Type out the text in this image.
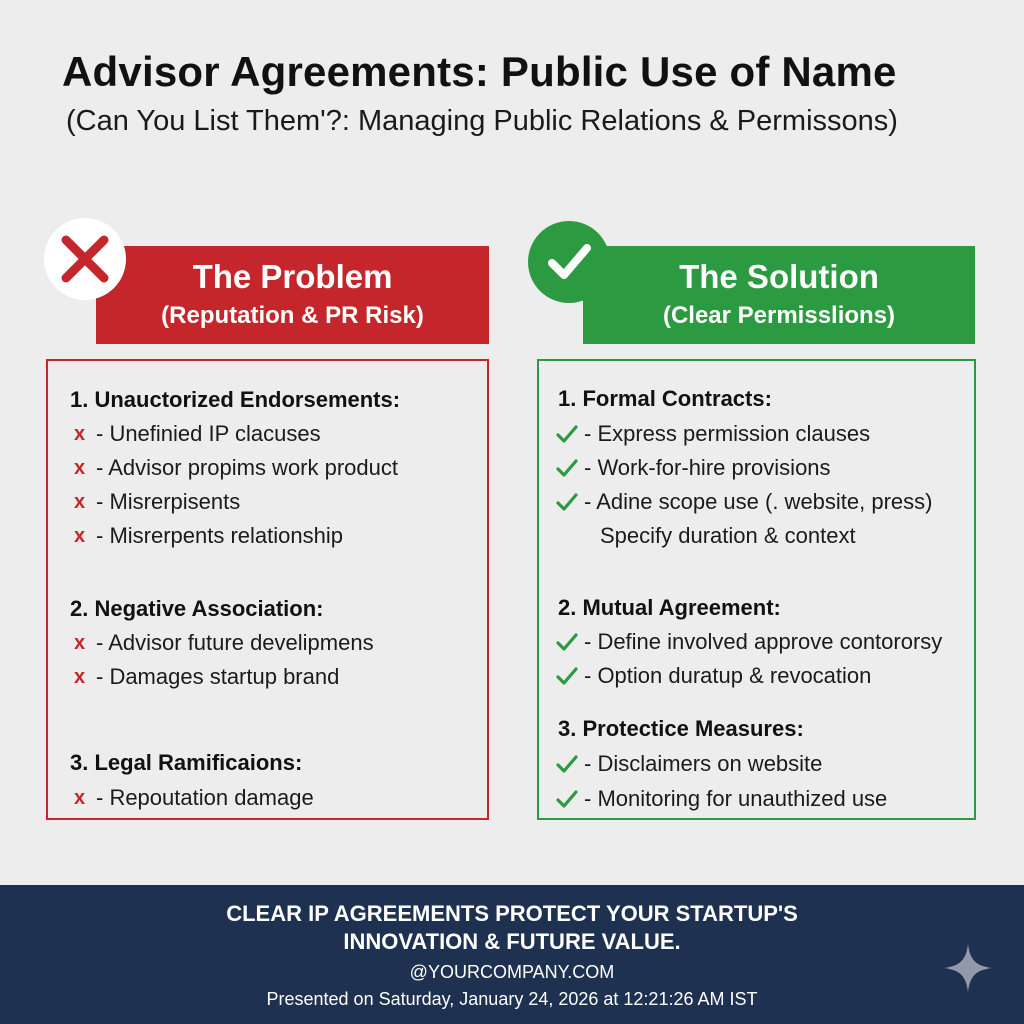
Advisor Agreements: Public Use of Name
(Can You List Them'?: Managing Public Relations & Permissons)
The Problem
(Reputation & PR Risk)
The Solution
(Clear Permisslions)
1. Unauctorized Endorsements:
x - Unefinied IP clacuses
x - Advisor propims work product
x - Misrerpisents
x - Misrerpents relationship
2. Negative Association:
x - Advisor future develipmens
x - Damages startup brand
3. Legal Ramificaions:
x - Repoutation damage
1. Formal Contracts:
- Express permission clauses
- Work-for-hire provisions
- Adine scope use (. website, press)
Specify duration & context
2. Mutual Agreement:
- Define involved approve contororsy
- Option duratup & revocation
3. Protectice Measures:
- Disclaimers on website
- Monitoring for unauthized use
CLEAR IP AGREEMENTS PROTECT YOUR STARTUP'S
INNOVATION & FUTURE VALUE.
@YOURCOMPANY.COM
Presented on Saturday, January 24, 2026 at 12:21:26 AM IST
